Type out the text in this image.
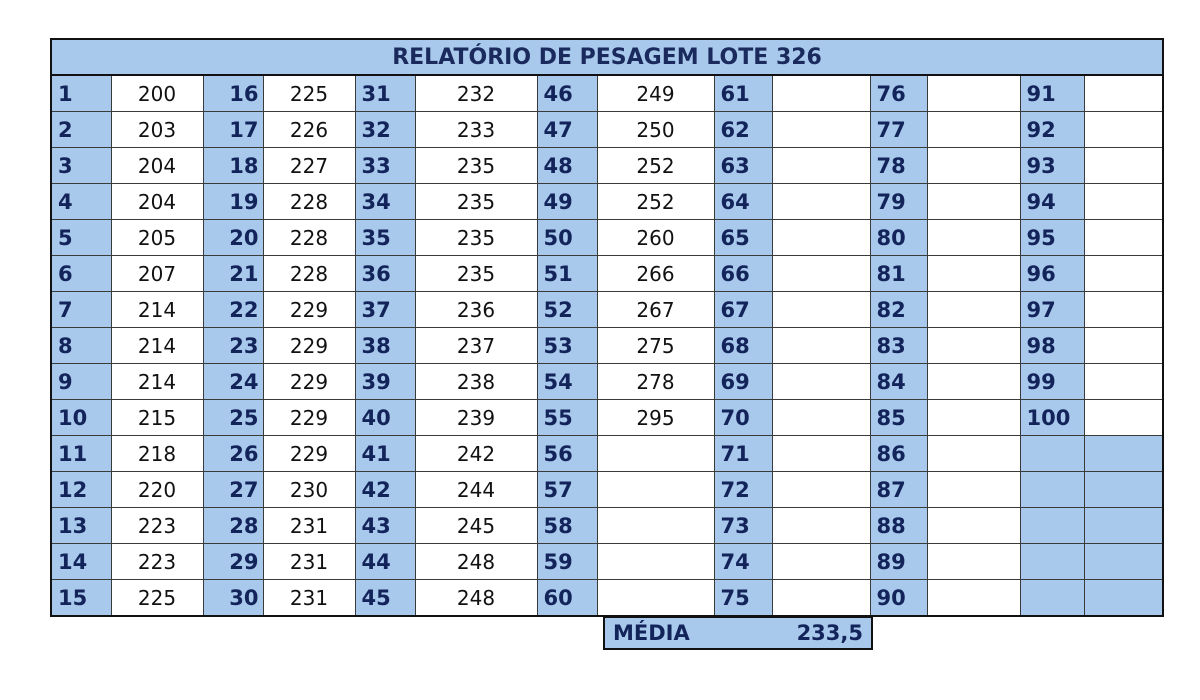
RELATÓRIO DE PESAGEM LOTE 326													
1	200	16	225	31	232	46	249	61		76		91	
2	203	17	226	32	233	47	250	62		77		92	
3	204	18	227	33	235	48	252	63		78		93	
4	204	19	228	34	235	49	252	64		79		94	
5	205	20	228	35	235	50	260	65		80		95	
6	207	21	228	36	235	51	266	66		81		96	
7	214	22	229	37	236	52	267	67		82		97	
8	214	23	229	38	237	53	275	68		83		98	
9	214	24	229	39	238	54	278	69		84		99	
10	215	25	229	40	239	55	295	70		85		100	
11	218	26	229	41	242	56		71		86			
12	220	27	230	42	244	57		72		87			
13	223	28	231	43	245	58		73		88			
14	223	29	231	44	248	59		74		89			
15	225	30	231	45	248	60		75		90			
MÉDIA	233,5
